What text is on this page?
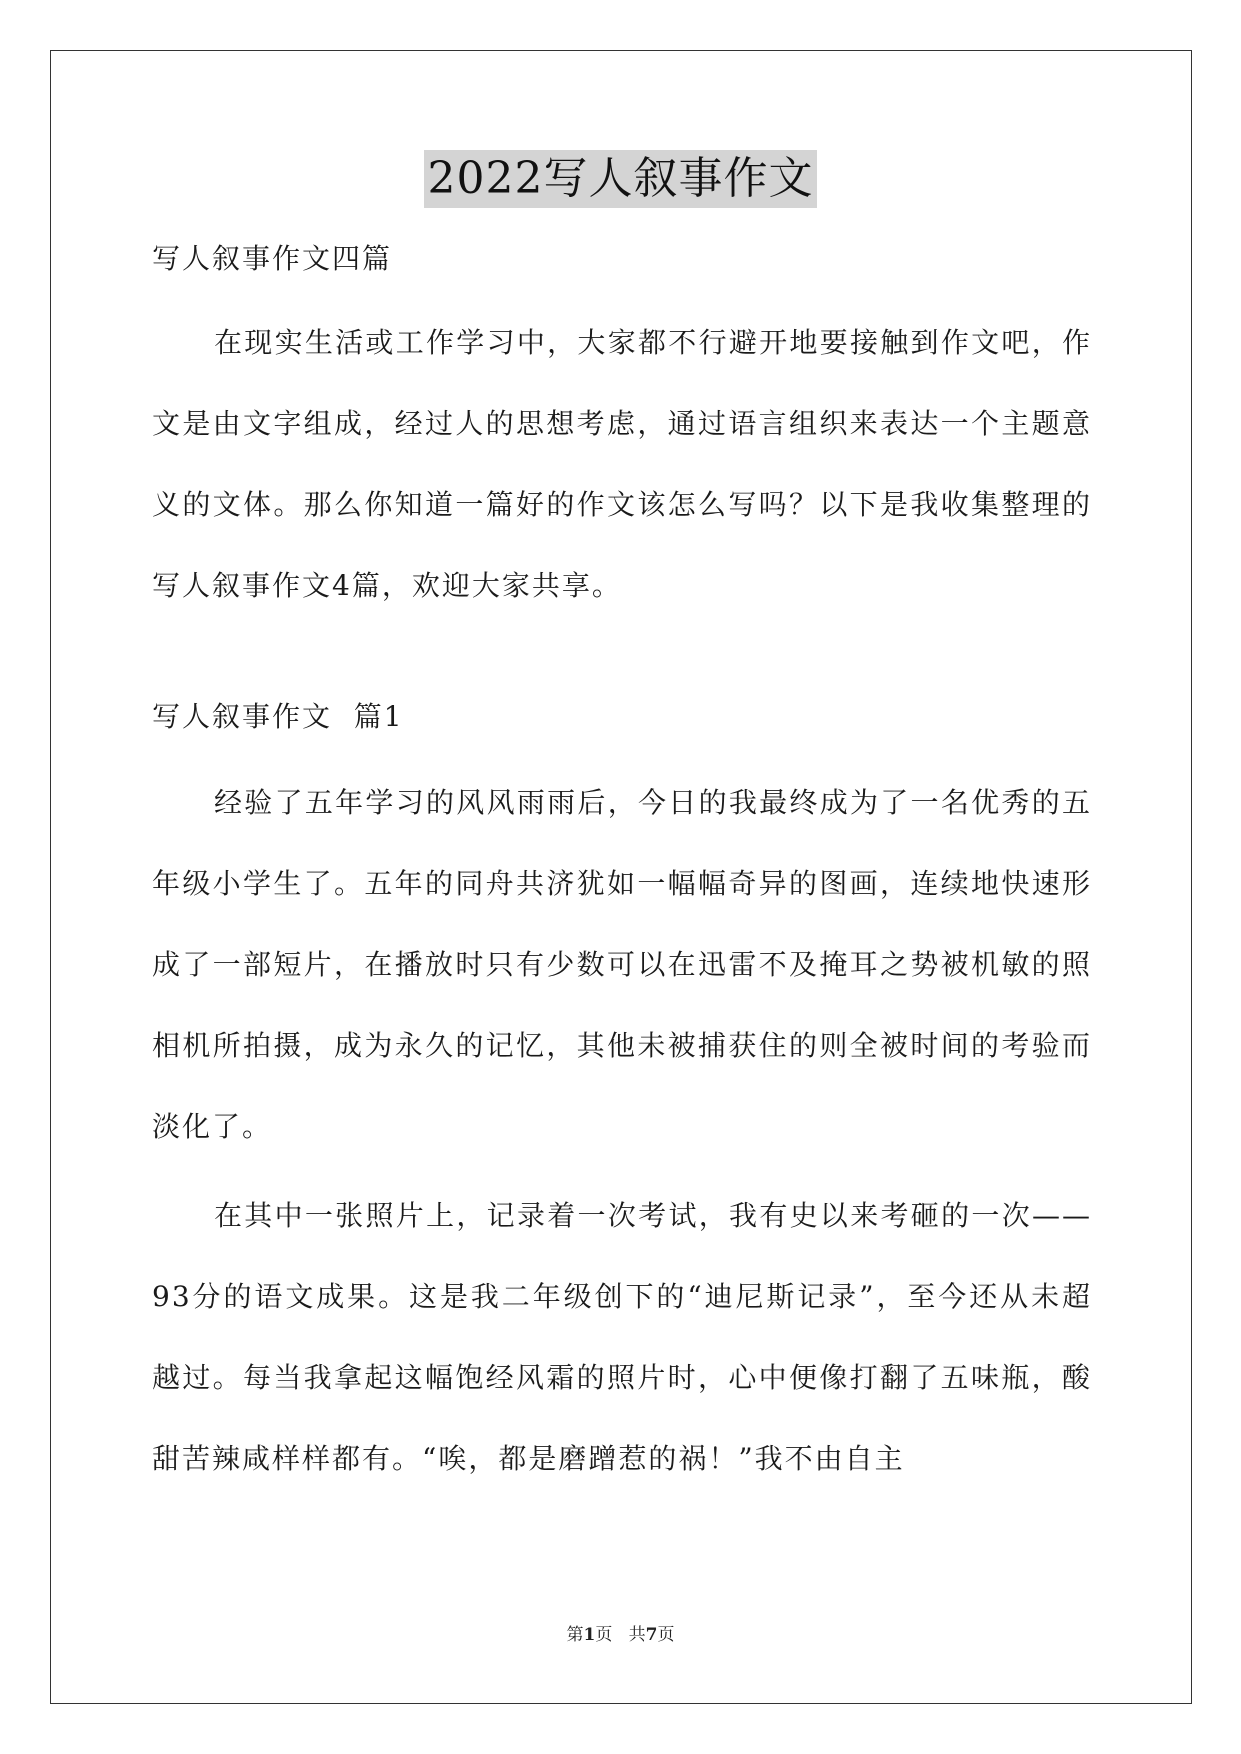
2022写人叙事作文

写人叙事作文四篇

在现实生活或工作学习中，大家都不行避开地要接触到作文吧，作文是由文字组成，经过人的思想考虑，通过语言组织来表达一个主题意义的文体。那么你知道一篇好的作文该怎么写吗？以下是我收集整理的写人叙事作文4篇，欢迎大家共享。

写人叙事作文  篇1

经验了五年学习的风风雨雨后，今日的我最终成为了一名优秀的五年级小学生了。五年的同舟共济犹如一幅幅奇异的图画，连续地快速形成了一部短片，在播放时只有少数可以在迅雷不及掩耳之势被机敏的照相机所拍摄，成为永久的记忆，其他未被捕获住的则全被时间的考验而淡化了。

在其中一张照片上，记录着一次考试，我有史以来考砸的一次——93分的语文成果。这是我二年级创下的“迪尼斯记录”，至今还从未超越过。每当我拿起这幅饱经风霜的照片时，心中便像打翻了五味瓶，酸甜苦辣咸样样都有。“唉，都是磨蹭惹的祸！”我不由自主

第1页   共7页
